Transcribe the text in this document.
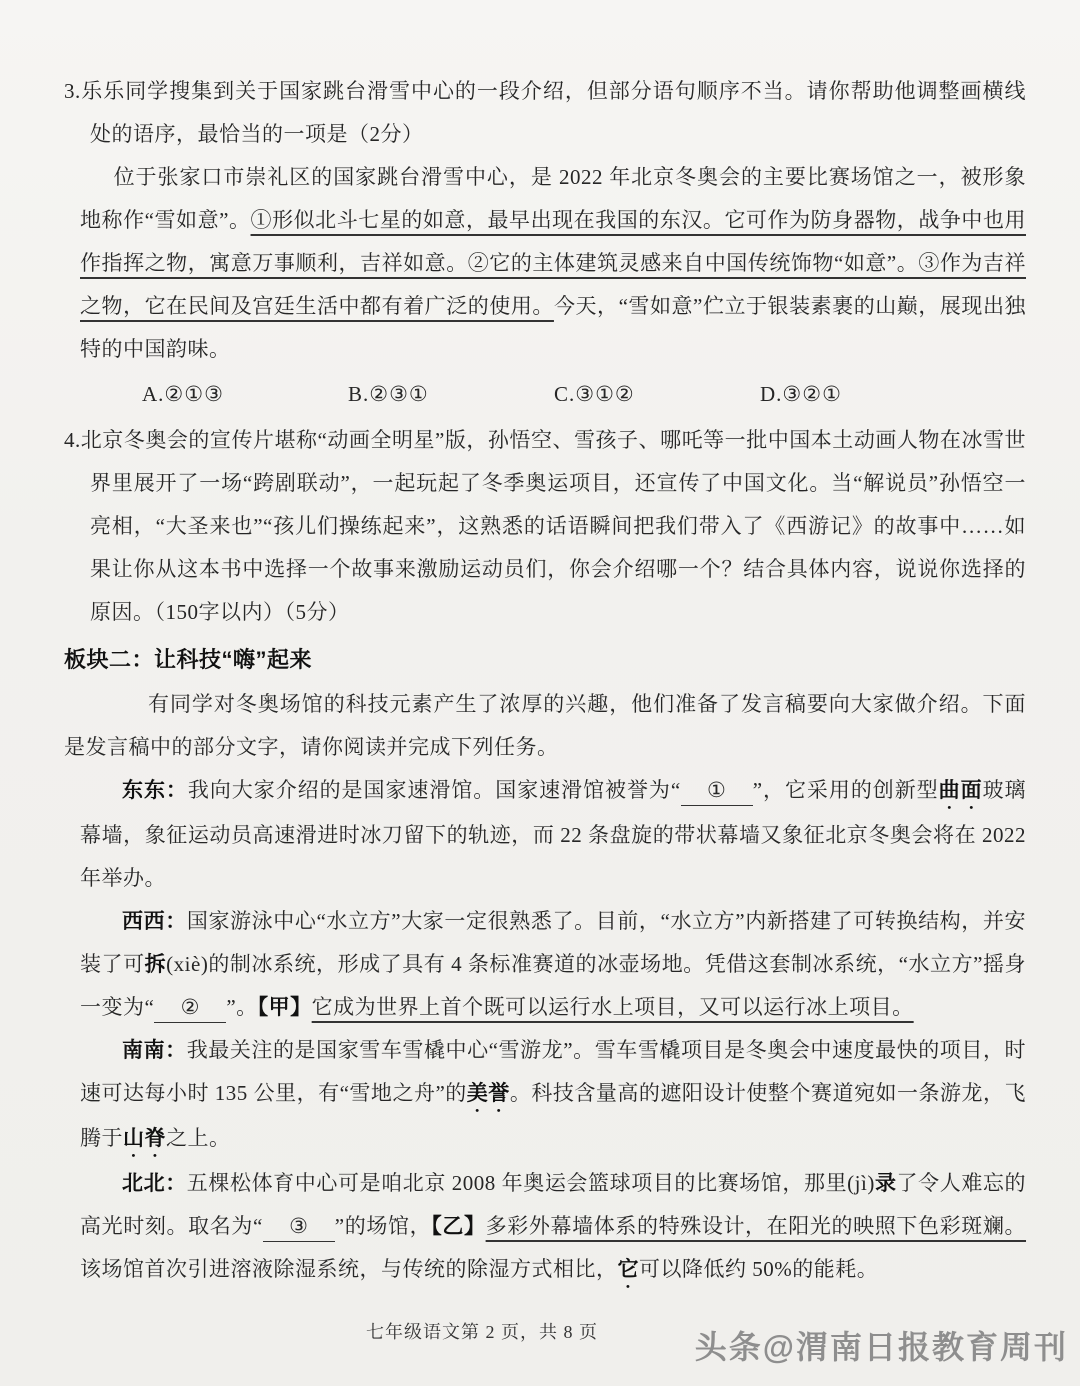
3.乐乐同学搜集到关于国家跳台滑雪中心的一段介绍，但部分语句顺序不当。请你帮助他调整画横线处的语序，最恰当的一项是（2分）

位于张家口市崇礼区的国家跳台滑雪中心，是 2022 年北京冬奥会的主要比赛场馆之一，被形象地称作“雪如意”。①形似北斗七星的如意，最早出现在我国的东汉。它可作为防身器物，战争中也用作指挥之物，寓意万事顺利，吉祥如意。②它的主体建筑灵感来自中国传统饰物“如意”。③作为吉祥之物，它在民间及宫廷生活中都有着广泛的使用。今天，“雪如意”伫立于银装素裹的山巅，展现出独特的中国韵味。

A.②①③	B.②③①	C.③①②	D.③②①

4.北京冬奥会的宣传片堪称“动画全明星”版，孙悟空、雪孩子、哪吒等一批中国本土动画人物在冰雪世界里展开了一场“跨剧联动”，一起玩起了冬季奥运项目，还宣传了中国文化。当“解说员”孙悟空一亮相，“大圣来也”“孩儿们操练起来”，这熟悉的话语瞬间把我们带入了《西游记》的故事中……如果让你从这本书中选择一个故事来激励运动员们，你会介绍哪一个？结合具体内容，说说你选择的原因。（150字以内）（5分）

板块二：让科技“嗨”起来

有同学对冬奥场馆的科技元素产生了浓厚的兴趣，他们准备了发言稿要向大家做介绍。下面是发言稿中的部分文字，请你阅读并完成下列任务。

东东：我向大家介绍的是国家速滑馆。国家速滑馆被誉为“ ① ”，它采用的创新型曲面玻璃幕墙，象征运动员高速滑进时冰刀留下的轨迹，而 22 条盘旋的带状幕墙又象征北京冬奥会将在 2022 年举办。

西西：国家游泳中心“水立方”大家一定很熟悉了。目前，“水立方”内新搭建了可转换结构，并安装了可拆(xiè)的制冰系统，形成了具有 4 条标准赛道的冰壶场地。凭借这套制冰系统，“水立方”摇身一变为“ ② ”。【甲】它成为世界上首个既可以运行水上项目，又可以运行冰上项目。

南南：我最关注的是国家雪车雪橇中心“雪游龙”。雪车雪橇项目是冬奥会中速度最快的项目，时速可达每小时 135 公里，有“雪地之舟”的美誉。科技含量高的遮阳设计使整个赛道宛如一条游龙，飞腾于山脊之上。

北北：五棵松体育中心可是咱北京 2008 年奥运会篮球项目的比赛场馆，那里(jì)录了令人难忘的高光时刻。取名为“ ③ ”的场馆，【乙】多彩外幕墙体系的特殊设计，在阳光的映照下色彩斑斓。该场馆首次引进溶液除湿系统，与传统的除湿方式相比，它可以降低约 50%的能耗。

七年级语文第 2 页，共 8 页	头条@渭南日报教育周刊
